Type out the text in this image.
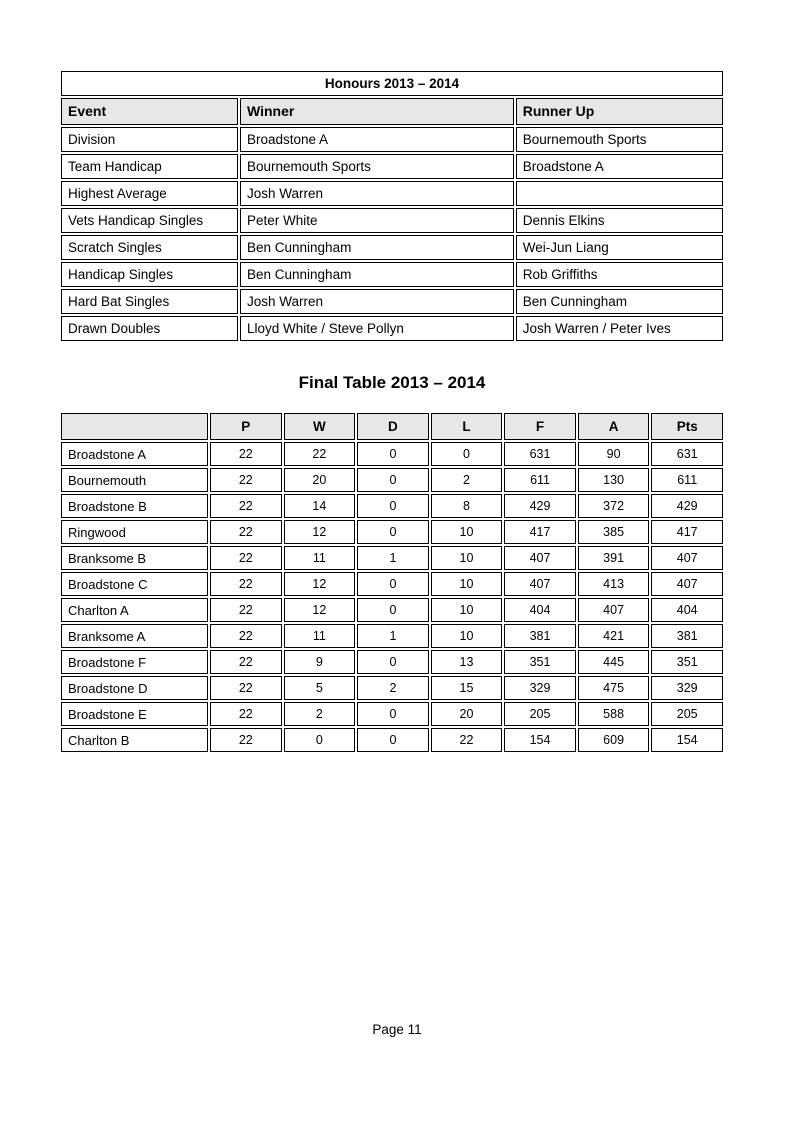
Honours 2013 – 2014		
Event	Winner	Runner Up
Division	Broadstone A	Bournemouth Sports
Team Handicap	Bournemouth Sports	Broadstone A
Highest Average	Josh Warren	
Vets Handicap Singles	Peter White	Dennis Elkins
Scratch Singles	Ben Cunningham	Wei-Jun Liang
Handicap Singles	Ben Cunningham	Rob Griffiths
Hard Bat Singles	Josh Warren	Ben Cunningham
Drawn Doubles	Lloyd White / Steve Pollyn	Josh Warren / Peter Ives
Final Table 2013 – 2014
	P	W	D	L	F	A	Pts
Broadstone A	22	22	0	0	631	90	631
Bournemouth	22	20	0	2	611	130	611
Broadstone B	22	14	0	8	429	372	429
Ringwood	22	12	0	10	417	385	417
Branksome B	22	11	1	10	407	391	407
Broadstone C	22	12	0	10	407	413	407
Charlton A	22	12	0	10	404	407	404
Branksome A	22	11	1	10	381	421	381
Broadstone F	22	9	0	13	351	445	351
Broadstone D	22	5	2	15	329	475	329
Broadstone E	22	2	0	20	205	588	205
Charlton B	22	0	0	22	154	609	154
Page 11
